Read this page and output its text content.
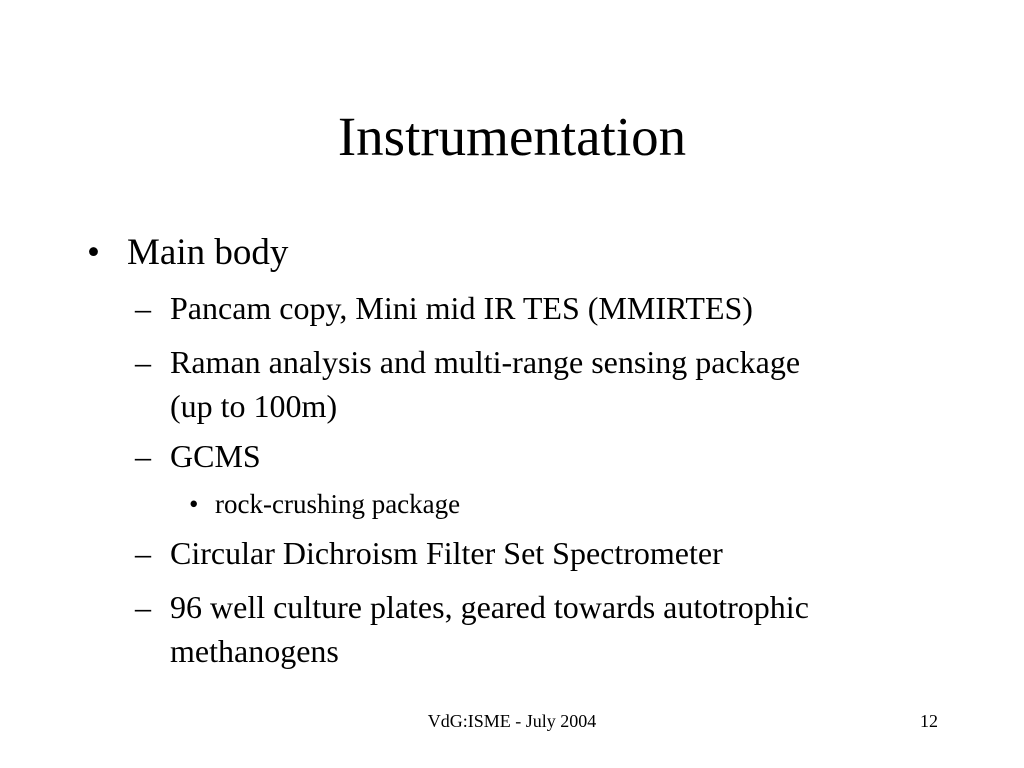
Instrumentation
• Main body
– Pancam copy, Mini mid IR TES (MMIRTES)
– Raman analysis and multi-range sensing package (up to 100m)
– GCMS
• rock-crushing package
– Circular Dichroism Filter Set Spectrometer
– 96 well culture plates, geared towards autotrophic methanogens
VdG:ISME - July 2004	12
